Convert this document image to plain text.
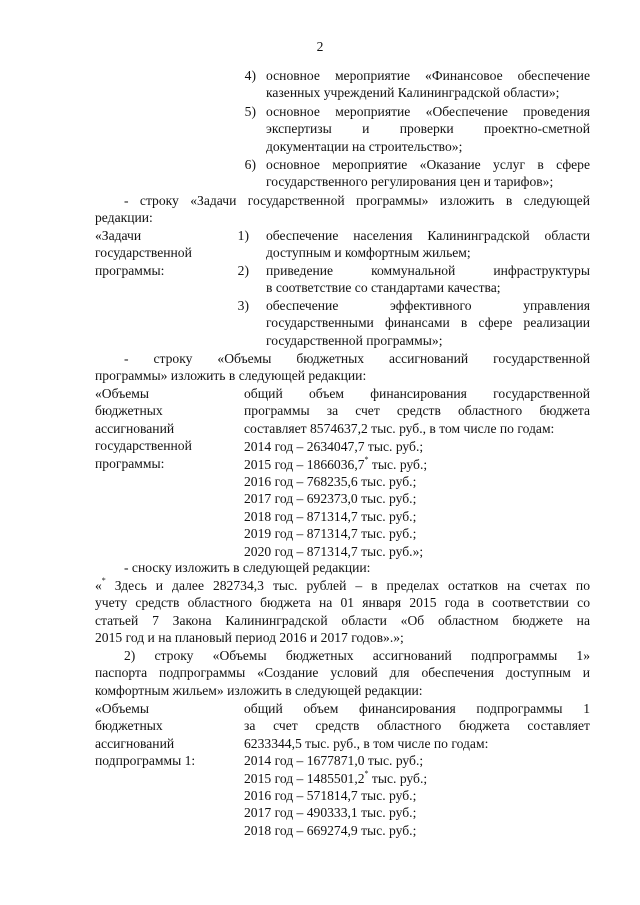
2
4) основное мероприятие «Финансовое обеспечение
казенных учреждений Калининградской области»;
5) основное мероприятие «Обеспечение проведения
экспертизы и проверки проектно-сметной
документации на строительство»;
6) основное мероприятие «Оказание услуг в сфере
государственного регулирования цен и тарифов»;
- строку «Задачи государственной программы» изложить в следующей
редакции:
«Задачи
государственной
программы:
1) обеспечение населения Калининградской области
доступным и комфортным жильем;
2) приведение коммунальной инфраструктуры
в соответствие со стандартами качества;
3) обеспечение эффективного управления
государственными финансами в сфере реализации
государственной программы»;
- строку «Объемы бюджетных ассигнований государственной
программы» изложить в следующей редакции:
«Объемы
бюджетных
ассигнований
государственной
программы:
общий объем финансирования государственной
программы за счет средств областного бюджета
составляет 8574637,2 тыс. руб., в том числе по годам:
2014 год – 2634047,7 тыс. руб.;
2015 год – 1866036,7* тыс. руб.;
2016 год – 768235,6 тыс. руб.;
2017 год – 692373,0 тыс. руб.;
2018 год – 871314,7 тыс. руб.;
2019 год – 871314,7 тыс. руб.;
2020 год – 871314,7 тыс. руб.»;
- сноску изложить в следующей редакции:
«* Здесь и далее 282734,3 тыс. рублей – в пределах остатков на счетах по
учету средств областного бюджета на 01 января 2015 года в соответствии со
статьей 7 Закона Калининградской области «Об областном бюджете на
2015 год и на плановый период 2016 и 2017 годов».»;
2) строку «Объемы бюджетных ассигнований подпрограммы 1»
паспорта подпрограммы «Создание условий для обеспечения доступным и
комфортным жильем» изложить в следующей редакции:
«Объемы
бюджетных
ассигнований
подпрограммы 1:
общий объем финансирования подпрограммы 1
за счет средств областного бюджета составляет
6233344,5 тыс. руб., в том числе по годам:
2014 год – 1677871,0 тыс. руб.;
2015 год – 1485501,2* тыс. руб.;
2016 год – 571814,7 тыс. руб.;
2017 год – 490333,1 тыс. руб.;
2018 год – 669274,9 тыс. руб.;
